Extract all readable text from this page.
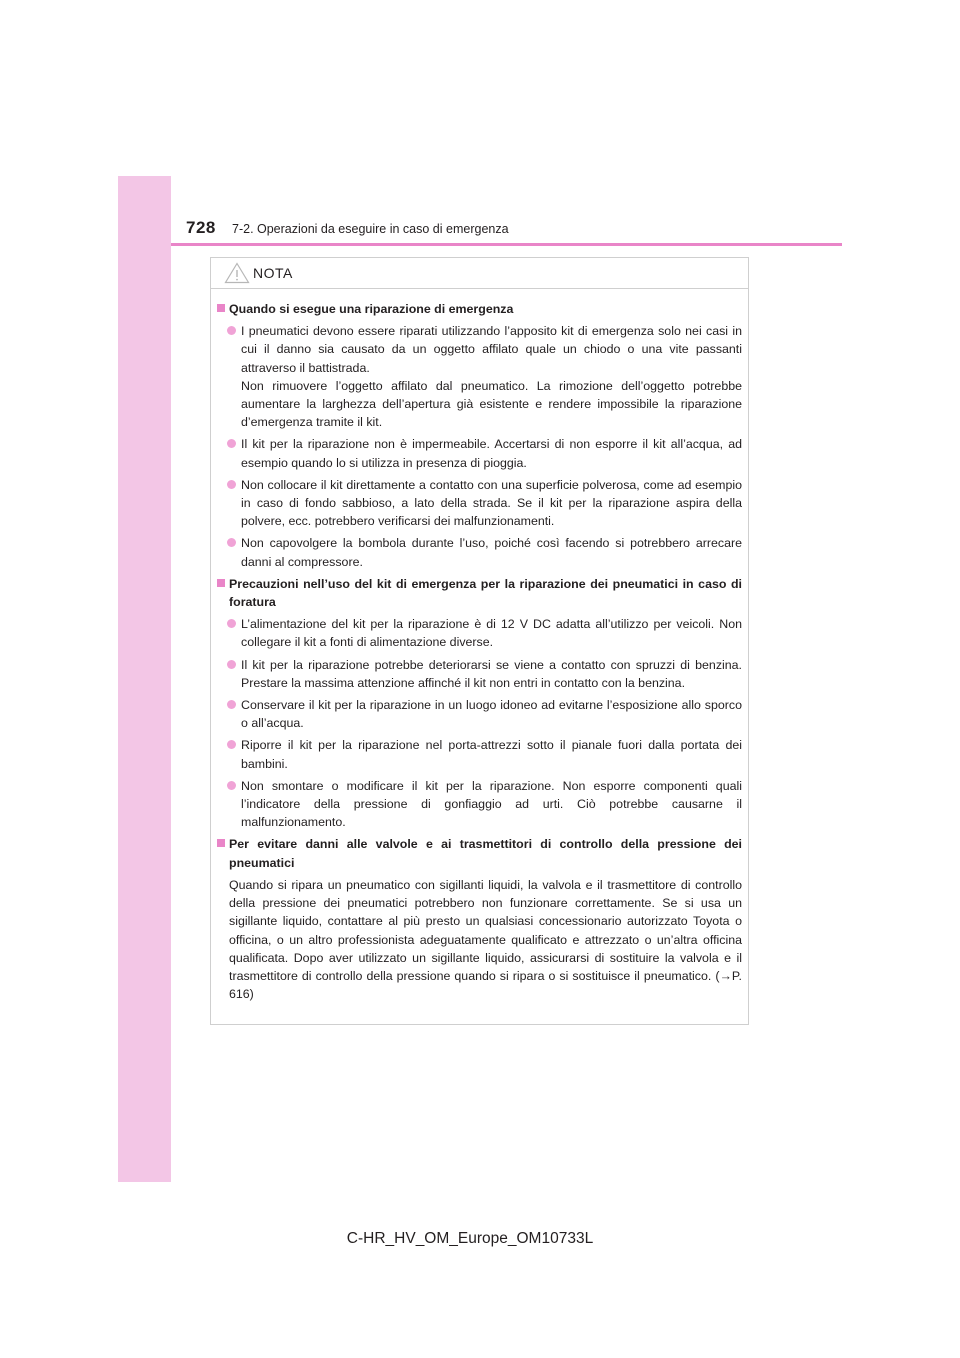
728 7-2. Operazioni da eseguire in caso di emergenza
NOTA
Quando si esegue una riparazione di emergenza
I pneumatici devono essere riparati utilizzando l’apposito kit di emergenza solo nei casi in cui il danno sia causato da un oggetto affilato quale un chiodo o una vite passanti attraverso il battistrada.
Non rimuovere l’oggetto affilato dal pneumatico. La rimozione dell’oggetto potrebbe aumentare la larghezza dell’apertura già esistente e rendere impossibile la riparazione d’emergenza tramite il kit.
Il kit per la riparazione non è impermeabile. Accertarsi di non esporre il kit all’acqua, ad esempio quando lo si utilizza in presenza di pioggia.
Non collocare il kit direttamente a contatto con una superficie polverosa, come ad esempio in caso di fondo sabbioso, a lato della strada. Se il kit per la riparazione aspira della polvere, ecc. potrebbero verificarsi dei malfunzionamenti.
Non capovolgere la bombola durante l’uso, poiché così facendo si potrebbero arrecare danni al compressore.
Precauzioni nell’uso del kit di emergenza per la riparazione dei pneumatici in caso di foratura
L’alimentazione del kit per la riparazione è di 12 V DC adatta all’utilizzo per veicoli. Non collegare il kit a fonti di alimentazione diverse.
Il kit per la riparazione potrebbe deteriorarsi se viene a contatto con spruzzi di benzina. Prestare la massima attenzione affinché il kit non entri in contatto con la benzina.
Conservare il kit per la riparazione in un luogo idoneo ad evitarne l’esposizione allo sporco o all’acqua.
Riporre il kit per la riparazione nel porta-attrezzi sotto il pianale fuori dalla portata dei bambini.
Non smontare o modificare il kit per la riparazione. Non esporre componenti quali l’indicatore della pressione di gonfiaggio ad urti. Ciò potrebbe causarne il malfunzionamento.
Per evitare danni alle valvole e ai trasmettitori di controllo della pressione dei pneumatici
Quando si ripara un pneumatico con sigillanti liquidi, la valvola e il trasmettitore di controllo della pressione dei pneumatici potrebbero non funzionare correttamente. Se si usa un sigillante liquido, contattare al più presto un qualsiasi concessionario autorizzato Toyota o officina, o un altro professionista adeguatamente qualificato e attrezzato o un’altra officina qualificata. Dopo aver utilizzato un sigillante liquido, assicurarsi di sostituire la valvola e il trasmettitore di controllo della pressione quando si ripara o si sostituisce il pneumatico. (→P. 616)
C-HR_HV_OM_Europe_OM10733L
